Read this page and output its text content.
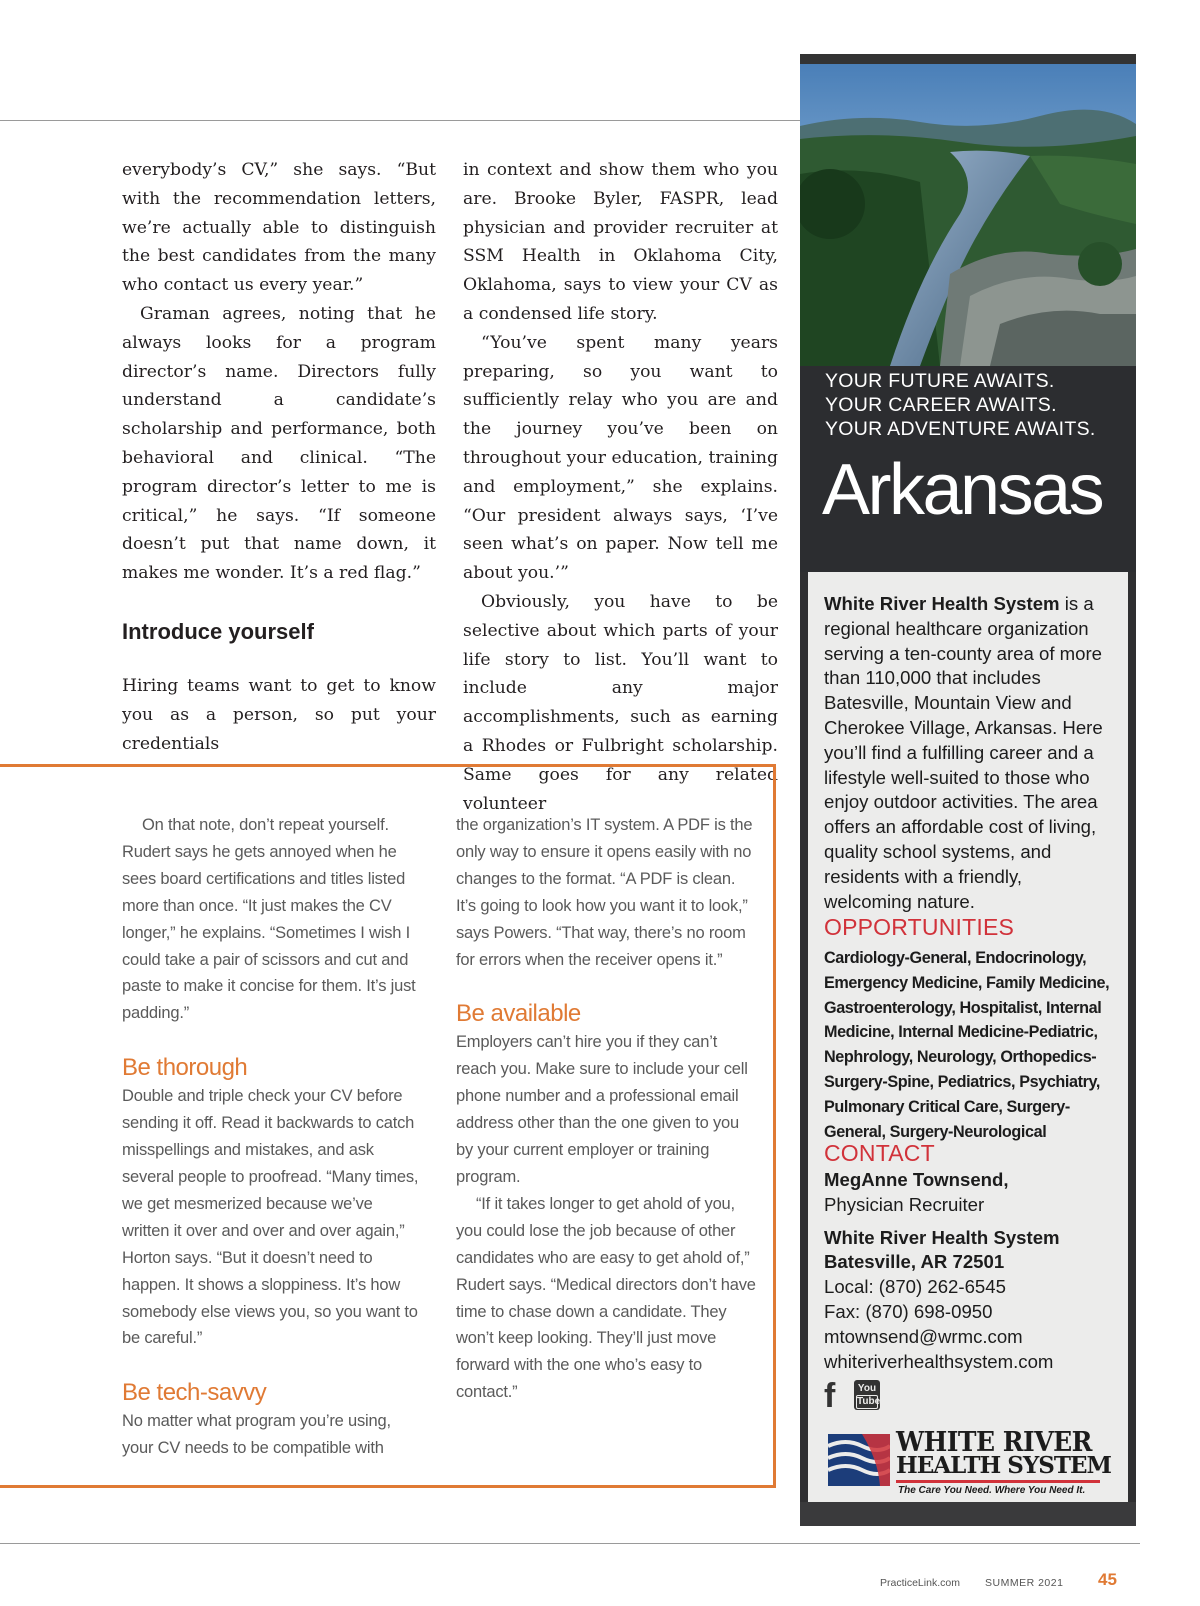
everybody’s CV,” she says. “But with the recommendation letters, we’re actually able to distinguish the best candidates from the many who contact us every year.”

Graman agrees, noting that he always looks for a program director’s name. Directors fully understand a candidate’s scholarship and performance, both behavioral and clinical. “The program director’s letter to me is critical,” he says. “If someone doesn’t put that name down, it makes me wonder. It’s a red flag.”

Introduce yourself

Hiring teams want to get to know you as a person, so put your credentials

in context and show them who you are. Brooke Byler, FASPR, lead physician and provider recruiter at SSM Health in Oklahoma City, Oklahoma, says to view your CV as a condensed life story.

“You’ve spent many years preparing, so you want to sufficiently relay who you are and the journey you’ve been on throughout your education, training and employment,” she explains. “Our president always says, ‘I’ve seen what’s on paper. Now tell me about you.’”

Obviously, you have to be selective about which parts of your life story to list. You’ll want to include any major accomplishments, such as earning a Rhodes or Fulbright scholarship. Same goes for any related volunteer

On that note, don’t repeat yourself. Rudert says he gets annoyed when he sees board certifications and titles listed more than once. “It just makes the CV longer,” he explains. “Sometimes I wish I could take a pair of scissors and cut and paste to make it concise for them. It’s just padding.”

Be thorough

Double and triple check your CV before sending it off. Read it backwards to catch misspellings and mistakes, and ask several people to proofread. “Many times, we get mesmerized because we’ve written it over and over and over again,” Horton says. “But it doesn’t need to happen. It shows a sloppiness. It’s how somebody else views you, so you want to be careful.”

Be tech-savvy

No matter what program you’re using, your CV needs to be compatible with

the organization’s IT system. A PDF is the only way to ensure it opens easily with no changes to the format. “A PDF is clean. It’s going to look how you want it to look,” says Powers. “That way, there’s no room for errors when the receiver opens it.”

Be available

Employers can’t hire you if they can’t reach you. Make sure to include your cell phone number and a professional email address other than the one given to you by your current employer or training program.

“If it takes longer to get ahold of you, you could lose the job because of other candidates who are easy to get ahold of,” Rudert says. “Medical directors don’t have time to chase down a candidate. They won’t keep looking. They’ll just move forward with the one who’s easy to contact.”

YOUR FUTURE AWAITS.
YOUR CAREER AWAITS.
YOUR ADVENTURE AWAITS.
Arkansas
White River Health System is a regional healthcare organization serving a ten-county area of more than 110,000 that includes Batesville, Mountain View and Cherokee Village, Arkansas. Here you’ll find a fulfilling career and a lifestyle well-suited to those who enjoy outdoor activities. The area offers an affordable cost of living, quality school systems, and residents with a friendly, welcoming nature.
OPPORTUNITIES
Cardiology-General, Endocrinology, Emergency Medicine, Family Medicine, Gastroenterology, Hospitalist, Internal Medicine, Internal Medicine-Pediatric, Nephrology, Neurology, Orthopedics-Surgery-Spine, Pediatrics, Psychiatry, Pulmonary Critical Care, Surgery-General, Surgery-Neurological
CONTACT
MegAnne Townsend,
Physician Recruiter
White River Health System
Batesville, AR 72501
Local: (870) 262-6545
Fax: (870) 698-0950
mtownsend@wrmc.com
whiteriverhealthsystem.com
f	You
Tube
WHITE RIVER
HEALTH SYSTEM
The Care You Need. Where You Need It.
PracticeLink.com SUMMER 2021 45
